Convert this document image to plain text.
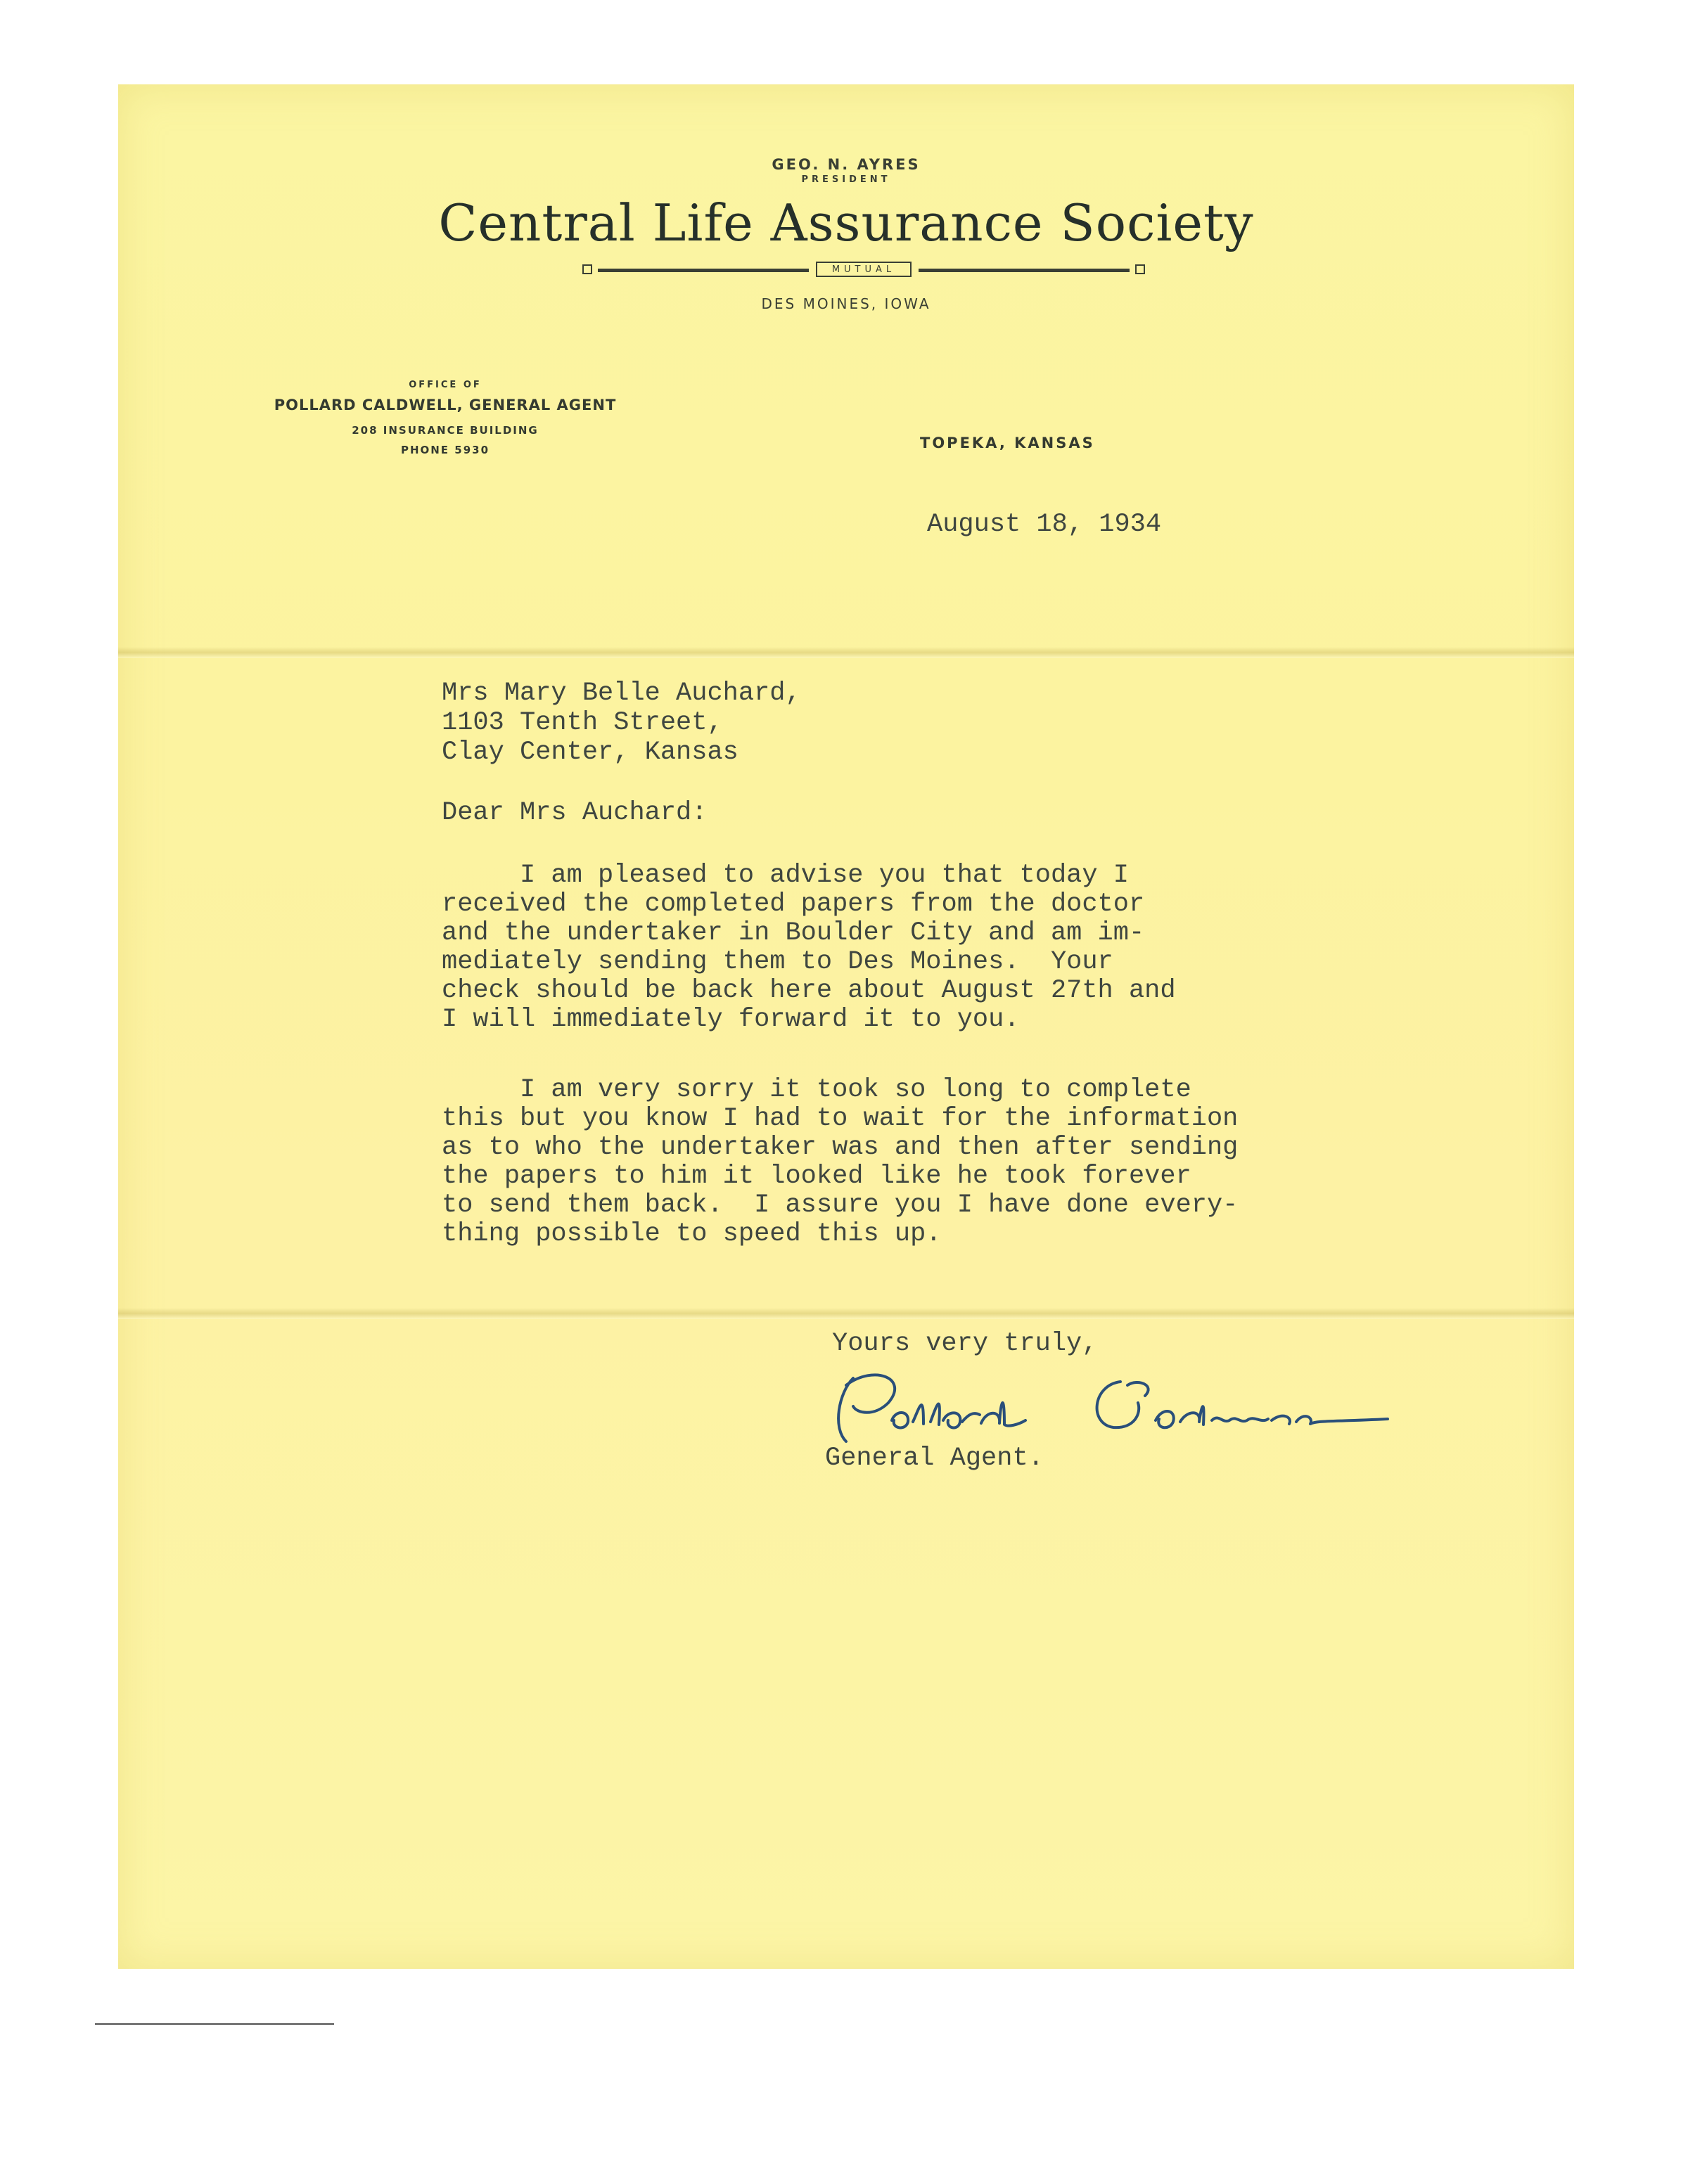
GEO. N. AYRES
PRESIDENT
Central Life Assurance Society
MUTUAL
DES MOINES, IOWA
OFFICE OF
POLLARD CALDWELL, GENERAL AGENT
208 INSURANCE BUILDING
PHONE 5930	TOPEKA, KANSAS
August 18, 1934
Mrs Mary Belle Auchard,
1103 Tenth Street,
Clay Center, Kansas
Dear Mrs Auchard:
I am pleased to advise you that today I
received the completed papers from the doctor
and the undertaker in Boulder City and am im-
mediately sending them to Des Moines.  Your
check should be back here about August 27th and
I will immediately forward it to you.
I am very sorry it took so long to complete
this but you know I had to wait for the information
as to who the undertaker was and then after sending
the papers to him it looked like he took forever
to send them back.  I assure you I have done every-
thing possible to speed this up.
Yours very truly,
General Agent.
